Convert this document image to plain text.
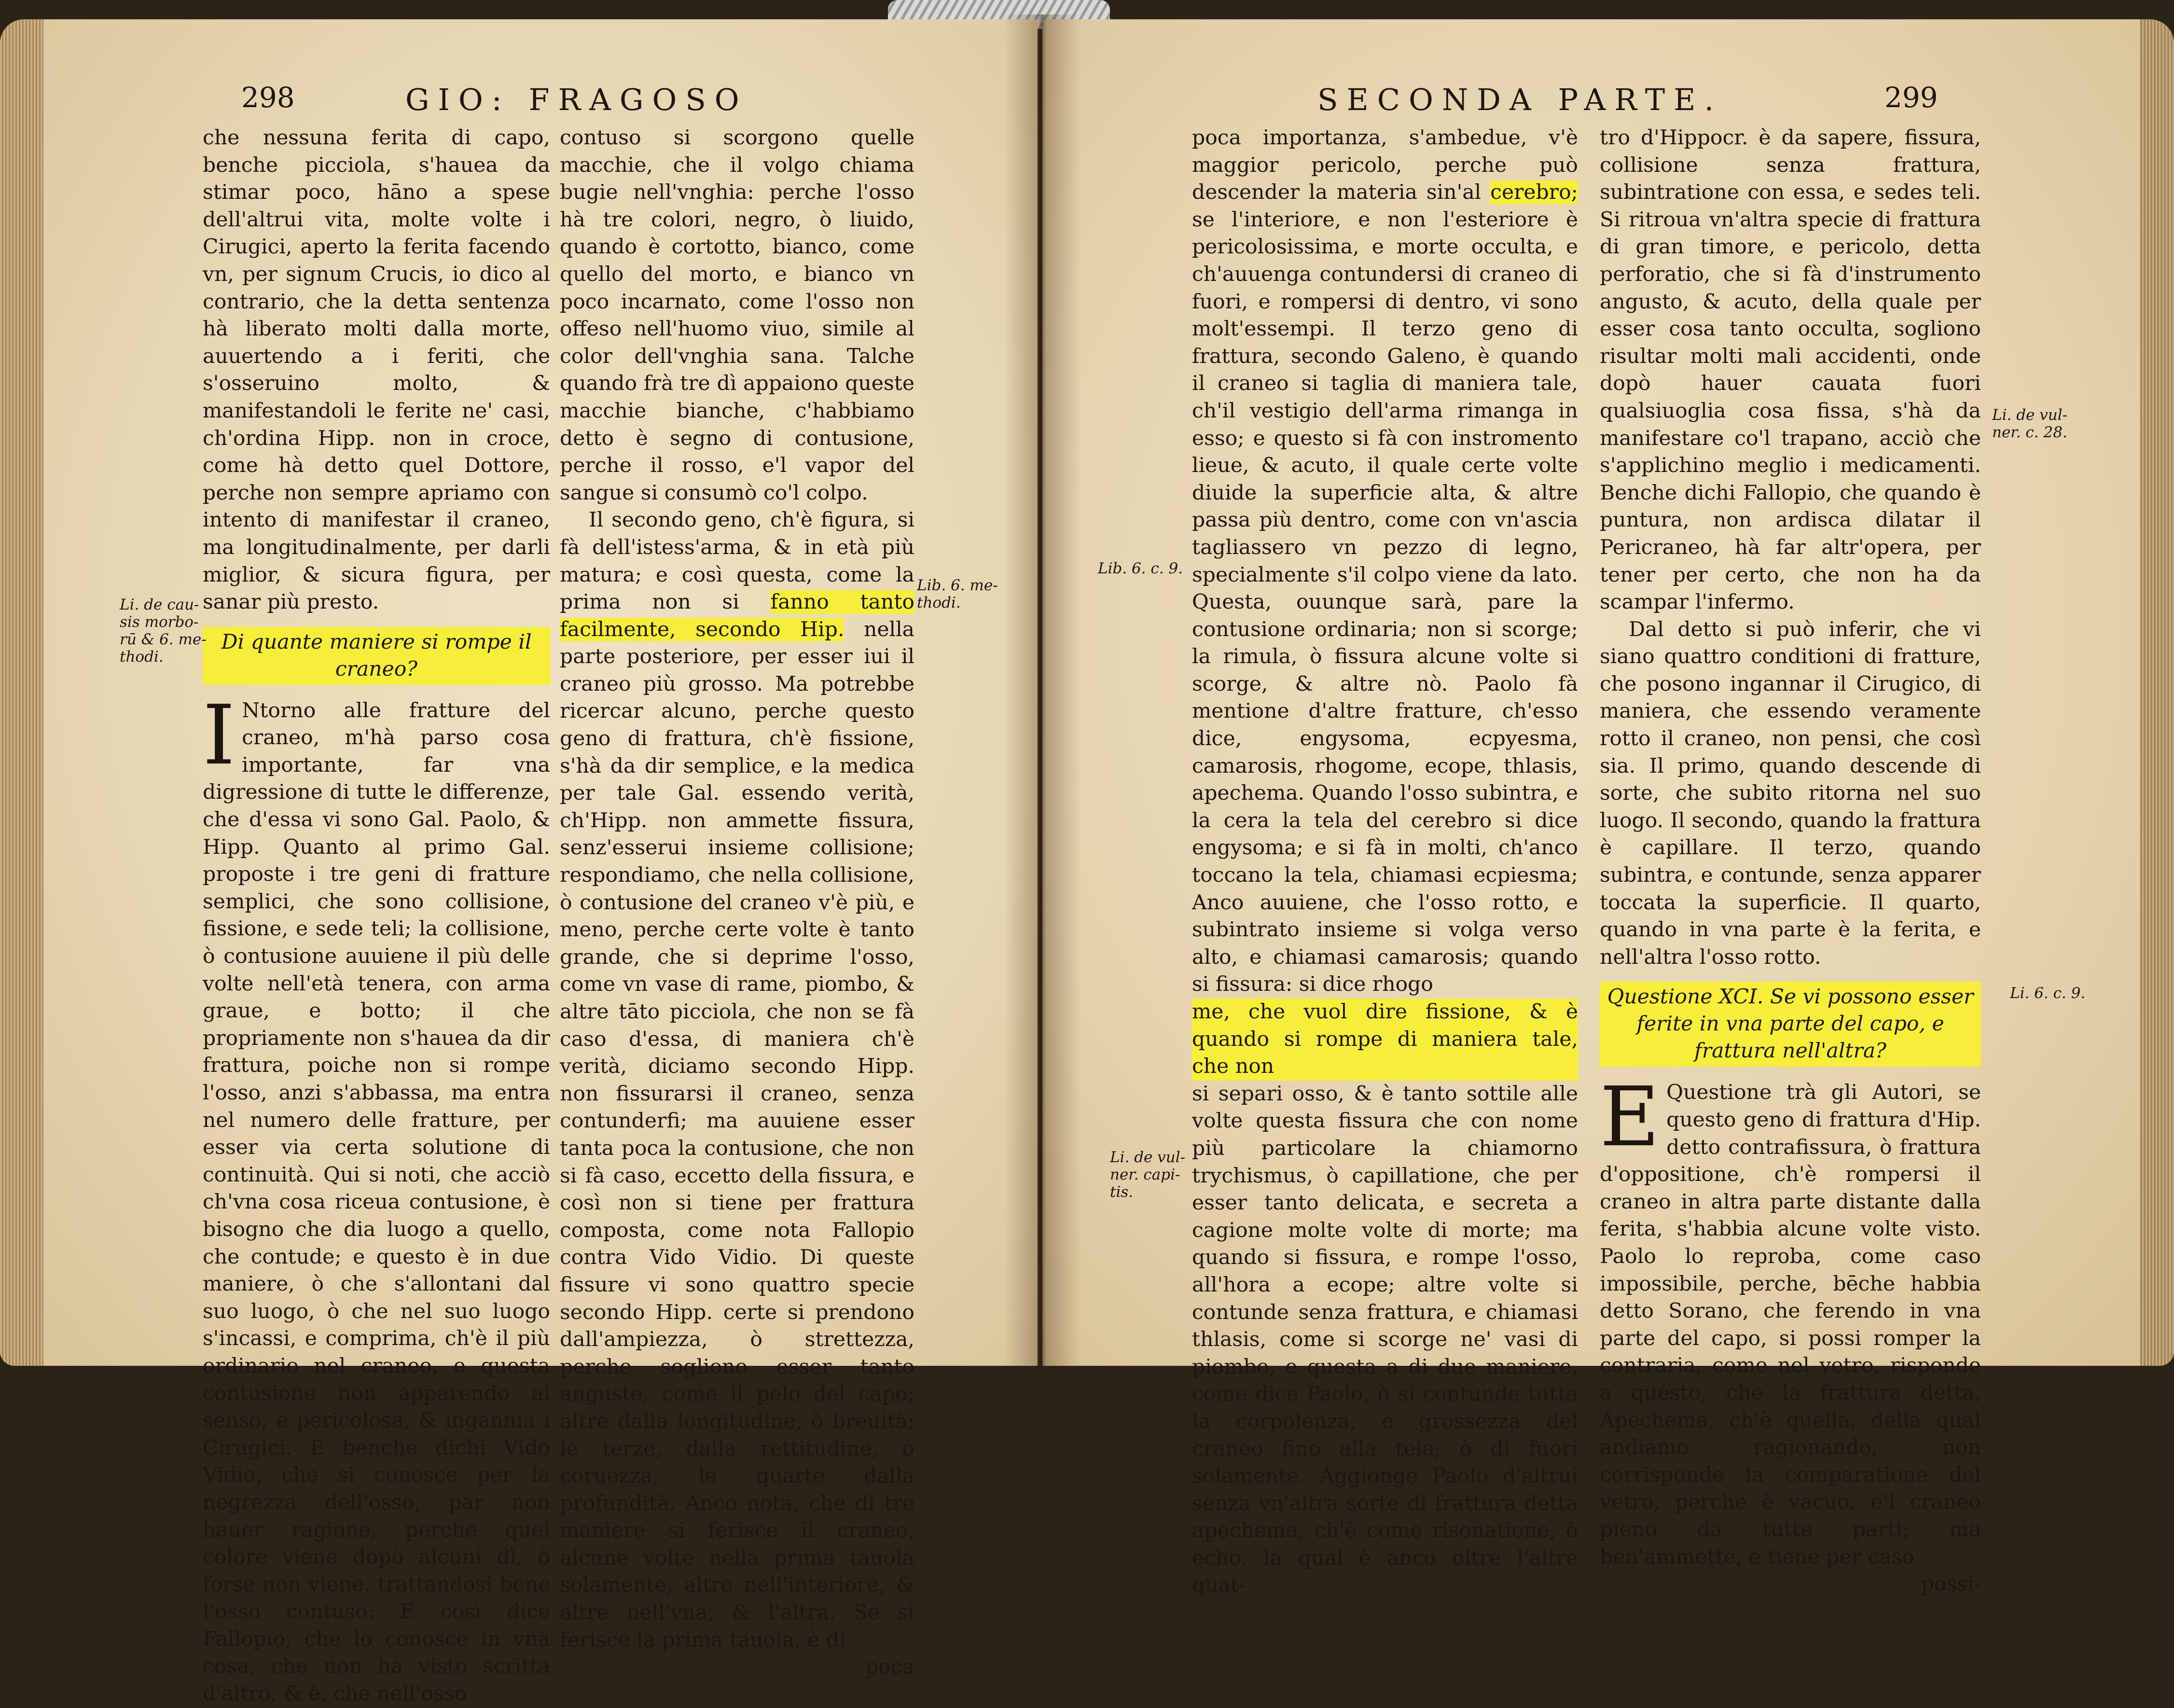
298	GIO: FRAGOSO	SECONDA PARTE.	299

che nessuna ferita di capo, benche picciola, s'hauea da stimar poco, hāno a spese dell'altrui vita, molte volte i Cirugici, aperto la ferita facendo vn, per signum Crucis, io dico al contrario, che la detta sentenza hà liberato molti dalla morte, auuertendo a i feriti, che s'osseruino molto, & manifestandoli le ferite ne' casi, ch'ordina Hipp. non in croce, come hà detto quel Dottore, perche non sempre apriamo con intento di manifestar il craneo, ma longitudinalmente, per darli miglior, & sicura figura, per sanar più presto.

Di quante maniere si rompe il craneo?

I Ntorno alle fratture del craneo, m'hà parso cosa importante, far vna digressione di tutte le differenze, che d'essa vi sono Gal. Paolo, & Hipp. Quanto al primo Gal. proposte i tre geni di fratture semplici, che sono collisione, fissione, e sede teli; la collisione, ò contusione auuiene il più delle volte nell'età tenera, con arma graue, e botto; il che propriamente non s'hauea da dir frattura, poiche non si rompe l'osso, anzi s'abbassa, ma entra nel numero delle fratture, per esser via certa solutione di continuità. Qui si noti, che acciò ch'vna cosa riceua contusione, è bisogno che dia luogo a quello, che contude; e questo è in due maniere, ò che s'allontani dal suo luogo, ò che nel suo luogo s'incassi, e comprima, ch'è il più ordinario nel craneo, e questa contusione non apparendo al senso, e pericolosa, & ingannia i Cirugici. E benche dichi Vido Vidio, che si conosce per la negrezza dell'osso, par non hauer ragione, perche quel colore viene dopò alcuni dì, ò forse non viene, trattandosi bene l'osso contuso: E così dice Fallopio, che lo conosce in vna cosa, che non hà visto scritta d'altro, & è, che nell'osso

contuso si scorgono quelle macchie, che il volgo chiama bugie nell'vnghia: perche l'osso hà tre colori, negro, ò liuido, quando è cortotto, bianco, come quello del morto, e bianco vn poco incarnato, come l'osso non offeso nell'huomo viuo, simile al color dell'vnghia sana. Talche quando frà tre dì appaiono queste macchie bianche, c'habbiamo detto è segno di contusione, perche il rosso, e'l vapor del sangue si consumò co'l colpo.

Il secondo geno, ch'è figura, si fà dell'istess'arma, & in età più matura; e così questa, come la prima non si fanno tanto facilmente, secondo Hip. nella parte posteriore, per esser iui il craneo più grosso. Ma potrebbe ricercar alcuno, perche questo geno di frattura, ch'è fissione, s'hà da dir semplice, e la medica per tale Gal. essendo verità, ch'Hipp. non ammette fissura, senz'esserui insieme collisione; respondiamo, che nella collisione, ò contusione del craneo v'è più, e meno, perche certe volte è tanto grande, che si deprime l'osso, come vn vase di rame, piombo, & altre tāto picciola, che non se fà caso d'essa, di maniera ch'è verità, diciamo secondo Hipp. non fissurarsi il craneo, senza contunderfi; ma auuiene esser tanta poca la contusione, che non si fà caso, eccetto della fissura, e così non si tiene per frattura composta, come nota Fallopio contra Vido Vidio. Di queste fissure vi sono quattro specie secondo Hipp. certe si prendono dall'ampiezza, ò strettezza, perche sogliono esser tanto anguste, come il pelo del capo; altre dalla longitudine, ò breuità; le terze, dalla rettitudine, ò coruezza; le quarte dalla profundità. Anco nota, che di tre maniere si ferisce il craneo, alcune volte nella prima tauola solamente, altre nell'interiore, & altre nell'vna, & l'altra. Se si ferisce la prima tauola, è di

poca

poca importanza, s'ambedue, v'è maggior pericolo, perche può descender la materia sin'al cerebro; se l'interiore, e non l'esteriore è pericolosissima, e morte occulta, e ch'auuenga contundersi di craneo di fuori, e rompersi di dentro, vi sono molt'essempi. Il terzo geno di frattura, secondo Galeno, è quando il craneo si taglia di maniera tale, ch'il vestigio dell'arma rimanga in esso; e questo si fà con instromento lieue, & acuto, il quale certe volte diuide la superficie alta, & altre passa più dentro, come con vn'ascia tagliassero vn pezzo di legno, specialmente s'il colpo viene da lato. Questa, ouunque sarà, pare la contusione ordinaria; non si scorge; la rimula, ò fissura alcune volte si scorge, & altre nò. Paolo fà mentione d'altre fratture, ch'esso dice, engysoma, ecpyesma, camarosis, rhogome, ecope, thlasis, apechema. Quando l'osso subintra, e la cera la tela del cerebro si dice engysoma; e si fà in molti, ch'anco toccano la tela, chiamasi ecpiesma; Anco auuiene, che l'osso rotto, e subintrato insieme si volga verso alto, e chiamasi camarosis; quando si fissura: si dice rhogo

me, che vuol dire fissione, & è quando si rompe di maniera tale, che non

si separi osso, & è tanto sottile alle volte questa fissura che con nome più particolare la chiamorno trychismus, ò capillatione, che per esser tanto delicata, e secreta a cagione molte volte di morte; ma quando si fissura, e rompe l'osso, all'hora a ecope; altre volte si contunde senza frattura, e chiamasi thlasis, come si scorge ne' vasi di piombo, e questa a di due maniere, come dice Paolo, ò si contunde tutta la corpolenza, e grossezza del craneo fino alla tela; ò di fuori solamente. Aggionge Paolo d'altrui senza vn'altra sorte di frattura detta apechema, ch'è come risonatione, ò echo, la qual è anco oltre l'altre quat-

tro d'Hippocr. è da sapere, fissura, collisione senza frattura, subintratione con essa, e sedes teli. Si ritroua vn'altra specie di frattura di gran timore, e pericolo, detta perforatio, che si fà d'instrumento angusto, & acuto, della quale per esser cosa tanto occulta, sogliono risultar molti mali accidenti, onde dopò hauer cauata fuori qualsiuoglia cosa fissa, s'hà da manifestare co'l trapano, acciò che s'applichino meglio i medicamenti. Benche dichi Fallopio, che quando è puntura, non ardisca dilatar il Pericraneo, hà far altr'opera, per tener per certo, che non ha da scampar l'infermo.

Dal detto si può inferir, che vi siano quattro conditioni di fratture, che posono ingannar il Cirugico, di maniera, che essendo veramente rotto il craneo, non pensi, che così sia. Il primo, quando descende di sorte, che subito ritorna nel suo luogo. Il secondo, quando la frattura è capillare. Il terzo, quando subintra, e contunde, senza apparer toccata la superficie. Il quarto, quando in vna parte è la ferita, e nell'altra l'osso rotto.

Questione XCI. Se vi possono esser ferite in vna parte del capo, e frattura nell'altra?

E Questione trà gli Autori, se questo geno di frattura d'Hip. detto contrafissura, ò frattura d'oppositione, ch'è rompersi il craneo in altra parte distante dalla ferita, s'habbia alcune volte visto. Paolo lo reproba, come caso impossibile, perche, bēche habbia detto Sorano, che ferendo in vna parte del capo, si possi romper la contraria, come nel vetro, risponde a questo, che la frattura detta, Apechema, ch'è quella, della qual andiamo ragionando, non corrisponde la comparatione del vetro, perche è vacuo, e'l craneo pieno da tutte parti; ma ben'ammette, e tiene per caso

possi-

Li. de cau-
sis morbo-
rū & 6. me-
thodi.
Lib. 6. me-
thodi.
Lib. 6. c. 9.
Li. de vul-
ner. c. 28.
Li. 6. c. 9.
Li. de vul-
ner. capi-
tis.
